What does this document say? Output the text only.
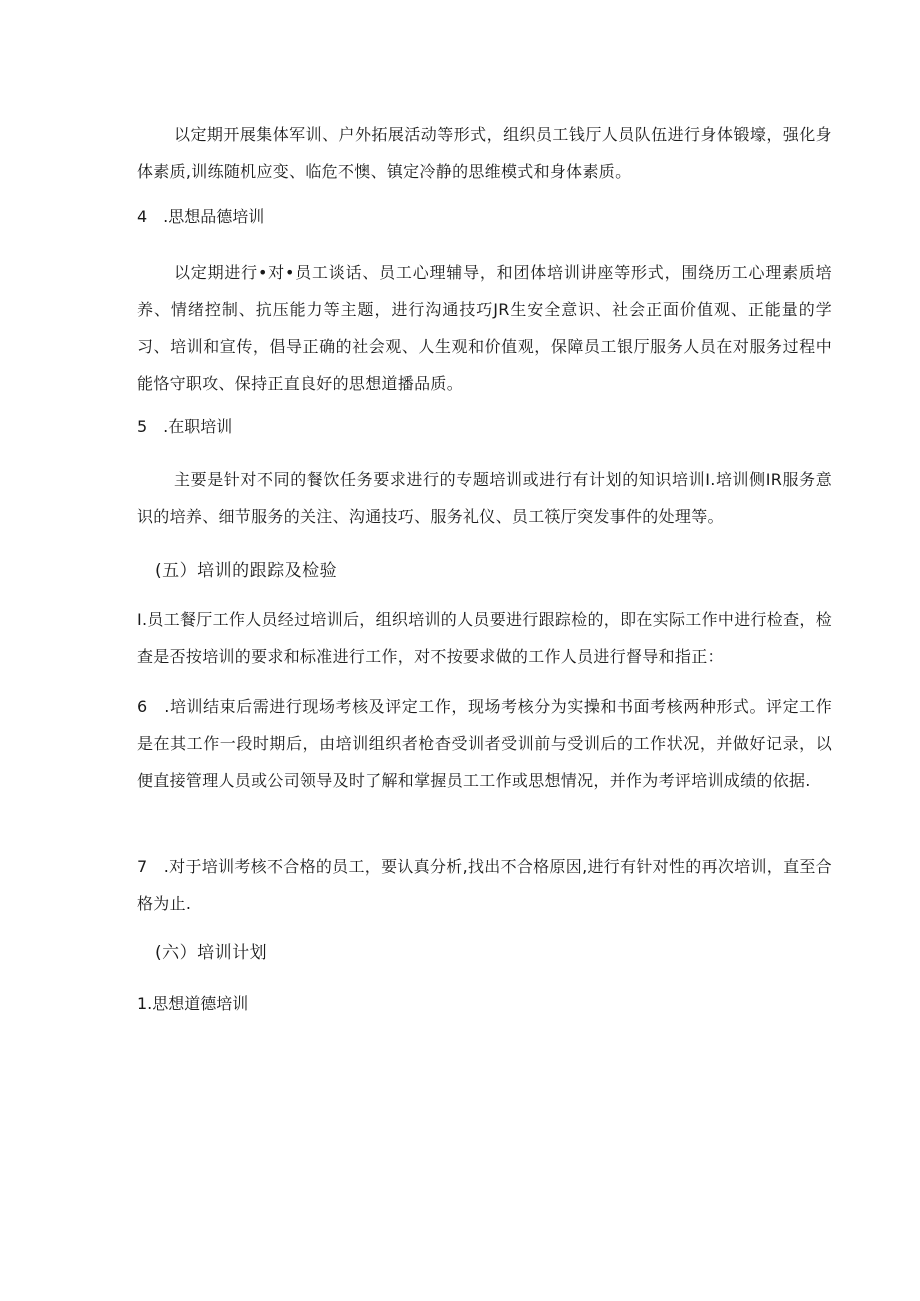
以定期开展集体军训、户外拓展活动等形式，组织员工钱厅人员队伍进行身体锻壕，强化身体素质,训练随机应变、临危不懊、镇定冷静的思维模式和身体素质。

4　.思想品德培训

以定期进行•对•员工谈话、员工心理辅导，和团体培训讲座等形式，围绕历工心理素质培养、情绪控制、抗压能力等主题，进行沟通技巧JR生安全意识、社会正面价值观、正能量的学习、培训和宣传，倡导正确的社会观、人生观和价值观，保障员工银厅服务人员在对服务过程中能恪守职攻、保持正直良好的思想道播品质。

5　.在职培训

主要是针对不同的餐饮任务要求进行的专题培训或进行有计划的知识培训I.培训侧IR服务意识的培养、细节服务的关注、沟通技巧、服务礼仪、员工筷厅突发事件的处理等。

(五）培训的跟踪及检验

I.员工餐厅工作人员经过培训后，组织培训的人员要进行跟踪检的，即在实际工作中进行检查，检查是否按培训的要求和标准进行工作，对不按要求做的工作人员进行督导和指正：

6　.培训结束后需进行现场考核及评定工作，现场考核分为实操和书面考核两种形式。评定工作是在其工作一段时期后，由培训组织者枪杳受训者受训前与受训后的工作状况，并做好记录，以便直接管理人员或公司领导及时了解和掌握员工工作或思想情况，并作为考评培训成绩的依据.

7　.对于培训考核不合格的员工，要认真分析,找出不合格原因,进行有针对性的再次培训，直至合格为止.

(六）培训计划

1.思想道德培训
